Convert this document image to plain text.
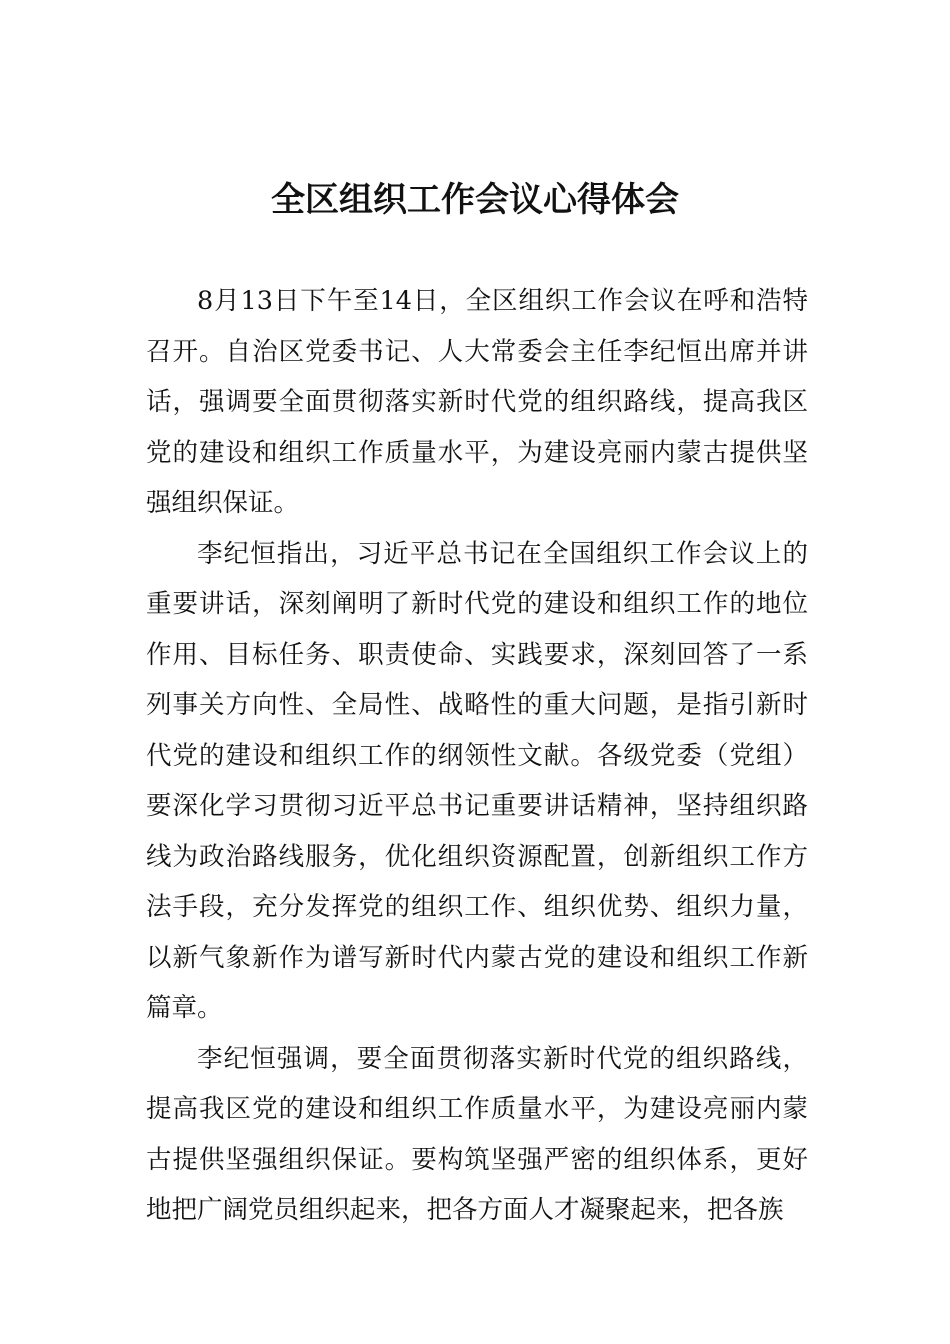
全区组织工作会议心得体会

8月13日下午至14日，全区组织工作会议在呼和浩特召开。自治区党委书记、人大常委会主任李纪恒出席并讲话，强调要全面贯彻落实新时代党的组织路线，提高我区党的建设和组织工作质量水平，为建设亮丽内蒙古提供坚强组织保证。

李纪恒指出，习近平总书记在全国组织工作会议上的重要讲话，深刻阐明了新时代党的建设和组织工作的地位作用、目标任务、职责使命、实践要求，深刻回答了一系列事关方向性、全局性、战略性的重大问题，是指引新时代党的建设和组织工作的纲领性文献。各级党委（党组）要深化学习贯彻习近平总书记重要讲话精神，坚持组织路线为政治路线服务，优化组织资源配置，创新组织工作方法手段，充分发挥党的组织工作、组织优势、组织力量，以新气象新作为谱写新时代内蒙古党的建设和组织工作新篇章。

李纪恒强调，要全面贯彻落实新时代党的组织路线，提高我区党的建设和组织工作质量水平，为建设亮丽内蒙古提供坚强组织保证。要构筑坚强严密的组织体系，更好地把广阔党员组织起来，把各方面人才凝聚起来，把各族
